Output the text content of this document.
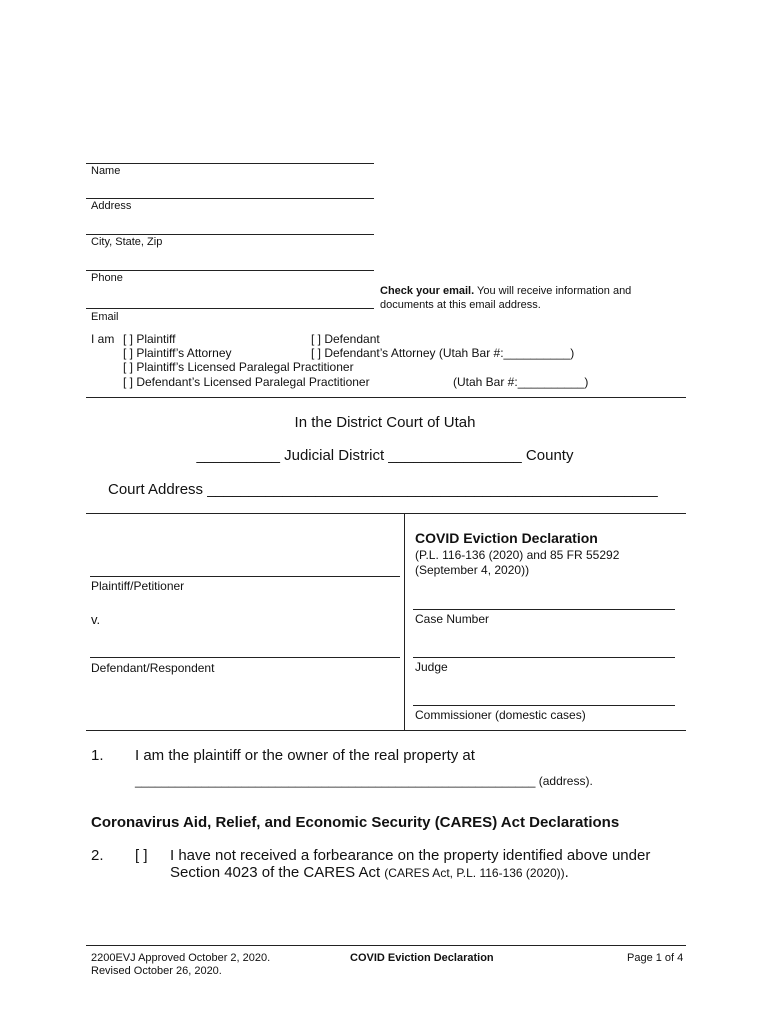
Name
Address
City, State, Zip
Phone
Email
Check your email. You will receive information and
documents at this email address.
I am [ ] Plaintiff
[ ] Plaintiff’s Attorney
[ ] Plaintiff’s Licensed Paralegal Practitioner
[ ] Defendant’s Licensed Paralegal Practitioner
[ ] Defendant
[ ] Defendant’s Attorney (Utah Bar #:__________)
(Utah Bar #:__________)
In the District Court of Utah
__________ Judicial District ________________ County
Court Address ______________________________________________________
COVID Eviction Declaration
(P.L. 116-136 (2020) and 85 FR 55292
(September 4, 2020))
Plaintiff/Petitioner
v.
Defendant/Respondent
Case Number
Judge
Commissioner (domestic cases)
1. I am the plaintiff or the owner of the real property at
____________________________________________________________ (address).
Coronavirus Aid, Relief, and Economic Security (CARES) Act Declarations
2. [ ] I have not received a forbearance on the property identified above under
Section 4023 of the CARES Act (CARES Act, P.L. 116-136 (2020)).
2200EVJ Approved October 2, 2020.
Revised October 26, 2020.
COVID Eviction Declaration	Page 1 of 4
